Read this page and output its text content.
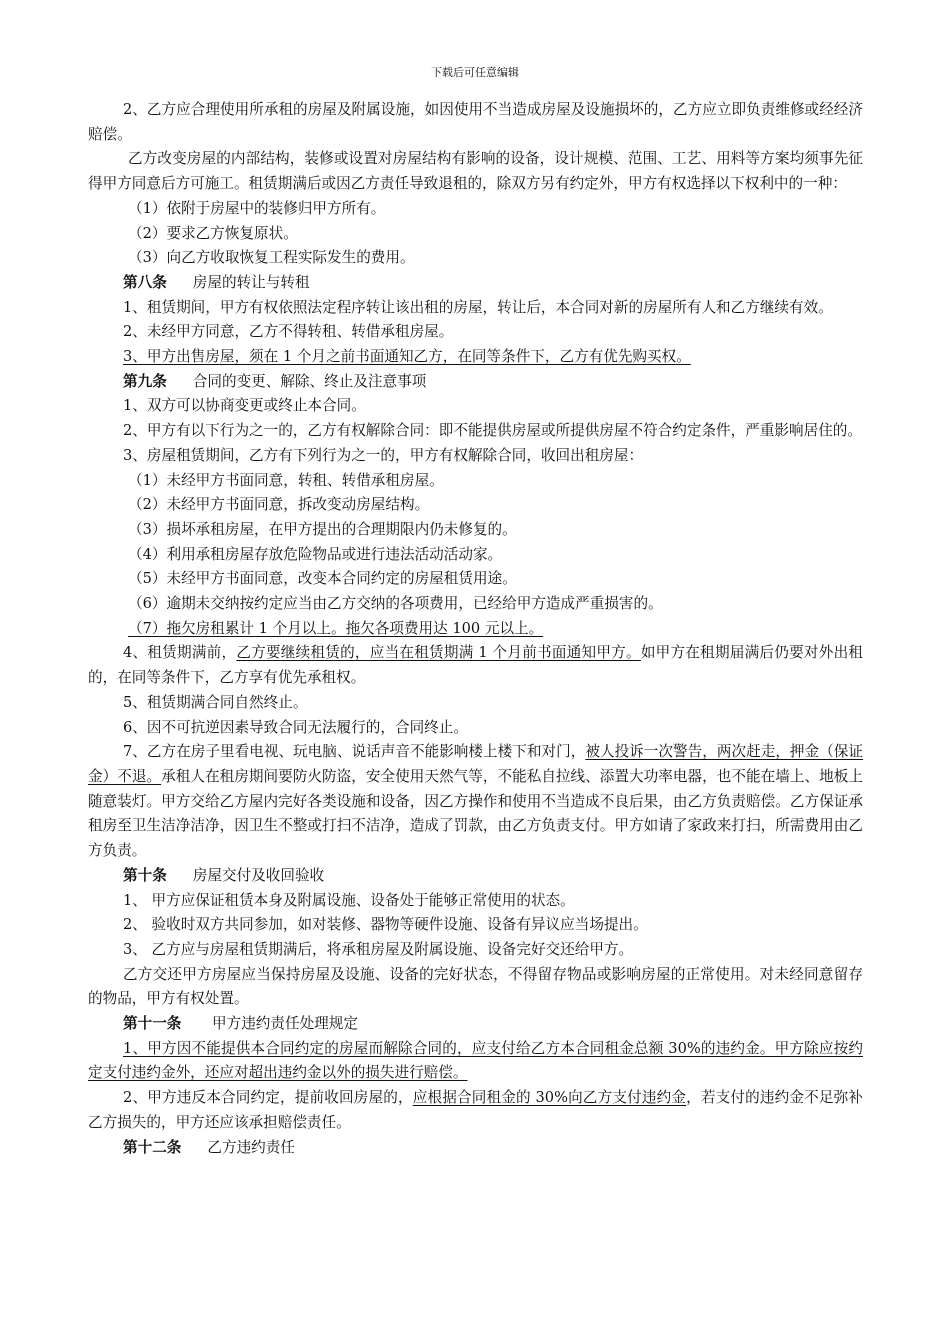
下载后可任意编辑

2、乙方应合理使用所承租的房屋及附属设施，如因使用不当造成房屋及设施损坏的，乙方应立即负责维修或经经济赔偿。

乙方改变房屋的内部结构，装修或设置对房屋结构有影响的设备，设计规模、范围、工艺、用料等方案均须事先征得甲方同意后方可施工。租赁期满后或因乙方责任导致退租的，除双方另有约定外，甲方有权选择以下权利中的一种：

（1）依附于房屋中的装修归甲方所有。

（2）要求乙方恢复原状。

（3）向乙方收取恢复工程实际发生的费用。

第八条 房屋的转让与转租

1、租赁期间，甲方有权依照法定程序转让该出租的房屋，转让后，本合同对新的房屋所有人和乙方继续有效。

2、未经甲方同意，乙方不得转租、转借承租房屋。

3、甲方出售房屋，须在 1 个月之前书面通知乙方，在同等条件下，乙方有优先购买权。

第九条 合同的变更、解除、终止及注意事项

1、双方可以协商变更或终止本合同。

2、甲方有以下行为之一的，乙方有权解除合同：即不能提供房屋或所提供房屋不符合约定条件，严重影响居住的。

3、房屋租赁期间，乙方有下列行为之一的，甲方有权解除合同，收回出租房屋：

（1）未经甲方书面同意，转租、转借承租房屋。

（2）未经甲方书面同意，拆改变动房屋结构。

（3）损坏承租房屋，在甲方提出的合理期限内仍未修复的。

（4）利用承租房屋存放危险物品或进行违法活动活动家。

（5）未经甲方书面同意，改变本合同约定的房屋租赁用途。

（6）逾期未交纳按约定应当由乙方交纳的各项费用，已经给甲方造成严重损害的。

（7）拖欠房租累计 1 个月以上。拖欠各项费用达 100 元以上。

4、租赁期满前，乙方要继续租赁的，应当在租赁期满 1 个月前书面通知甲方。如甲方在租期届满后仍要对外出租的，在同等条件下，乙方享有优先承租权。

5、租赁期满合同自然终止。

6、因不可抗逆因素导致合同无法履行的，合同终止。

7、乙方在房子里看电视、玩电脑、说话声音不能影响楼上楼下和对门，被人投诉一次警告，两次赶走，押金（保证金）不退。承租人在租房期间要防火防盗，安全使用天然气等，不能私自拉线、添置大功率电器，也不能在墙上、地板上随意装灯。甲方交给乙方屋内完好各类设施和设备，因乙方操作和使用不当造成不良后果，由乙方负责赔偿。乙方保证承租房至卫生洁净洁净，因卫生不整或打扫不洁净，造成了罚款，由乙方负责支付。甲方如请了家政来打扫，所需费用由乙方负责。

第十条 房屋交付及收回验收

1、 甲方应保证租赁本身及附属设施、设备处于能够正常使用的状态。

2、 验收时双方共同参加，如对装修、器物等硬件设施、设备有异议应当场提出。

3、 乙方应与房屋租赁期满后，将承租房屋及附属设施、设备完好交还给甲方。

乙方交还甲方房屋应当保持房屋及设施、设备的完好状态，不得留存物品或影响房屋的正常使用。对未经同意留存的物品，甲方有权处置。

第十一条 甲方违约责任处理规定

1、甲方因不能提供本合同约定的房屋而解除合同的，应支付给乙方本合同租金总额 30%的违约金。甲方除应按约定支付违约金外，还应对超出违约金以外的损失进行赔偿。

2、甲方违反本合同约定，提前收回房屋的，应根据合同租金的 30%向乙方支付违约金，若支付的违约金不足弥补乙方损失的，甲方还应该承担赔偿责任。

第十二条 乙方违约责任
